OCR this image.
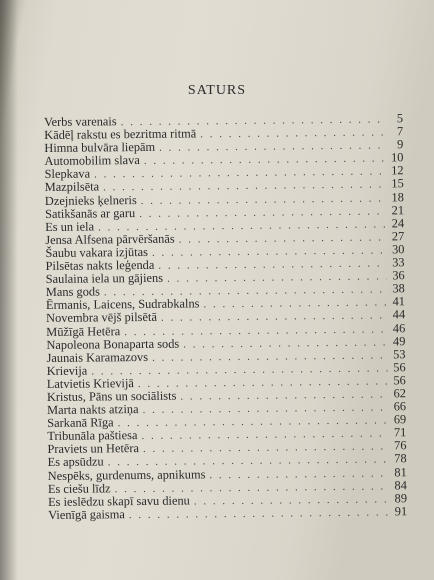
SATURS
Verbs varenais . . .	5
Kādēļ rakstu es bezritma ritmā . . .	7
Himna bulvāra liepām . . .	9
Automobilim slava . . .	10
Slepkava . . .	12
Mazpilsēta . . .	15
Dzejnieks ķelneris . . .	18
Satikšanās ar garu . . .	21
Es un iela . . .	24
Jensa Alfsena pārvēršanās . . .	27
Šaubu vakara izjūtas . . .	30
Pilsētas nakts leģenda . . .	33
Saulaina iela un gājiens . . .	36
Mans gods . . .	38
Ērmanis, Laicens, Sudrabkalns . . .	41
Novembra vējš pilsētā . . .	44
Mūžīgā Hetēra . . .	46
Napoleona Bonaparta sods . . .	49
Jaunais Karamazovs . . .	53
Krievija . . .	56
Latvietis Krievijā . . .	56
Kristus, Pāns un sociālists . . .	62
Marta nakts atziņa . . .	66
Sarkanā Rīga . . .	69
Tribunāla paštiesa . . .	71
Praviets un Hetēra . . .	76
Es apsūdzu . . .	78
Nespēks, gurdenums, apnikums . . .	81
Es ciešu līdz . . .	84
Es ieslēdzu skapī savu dienu . . .	89
Vienīgā gaisma . . .	91
